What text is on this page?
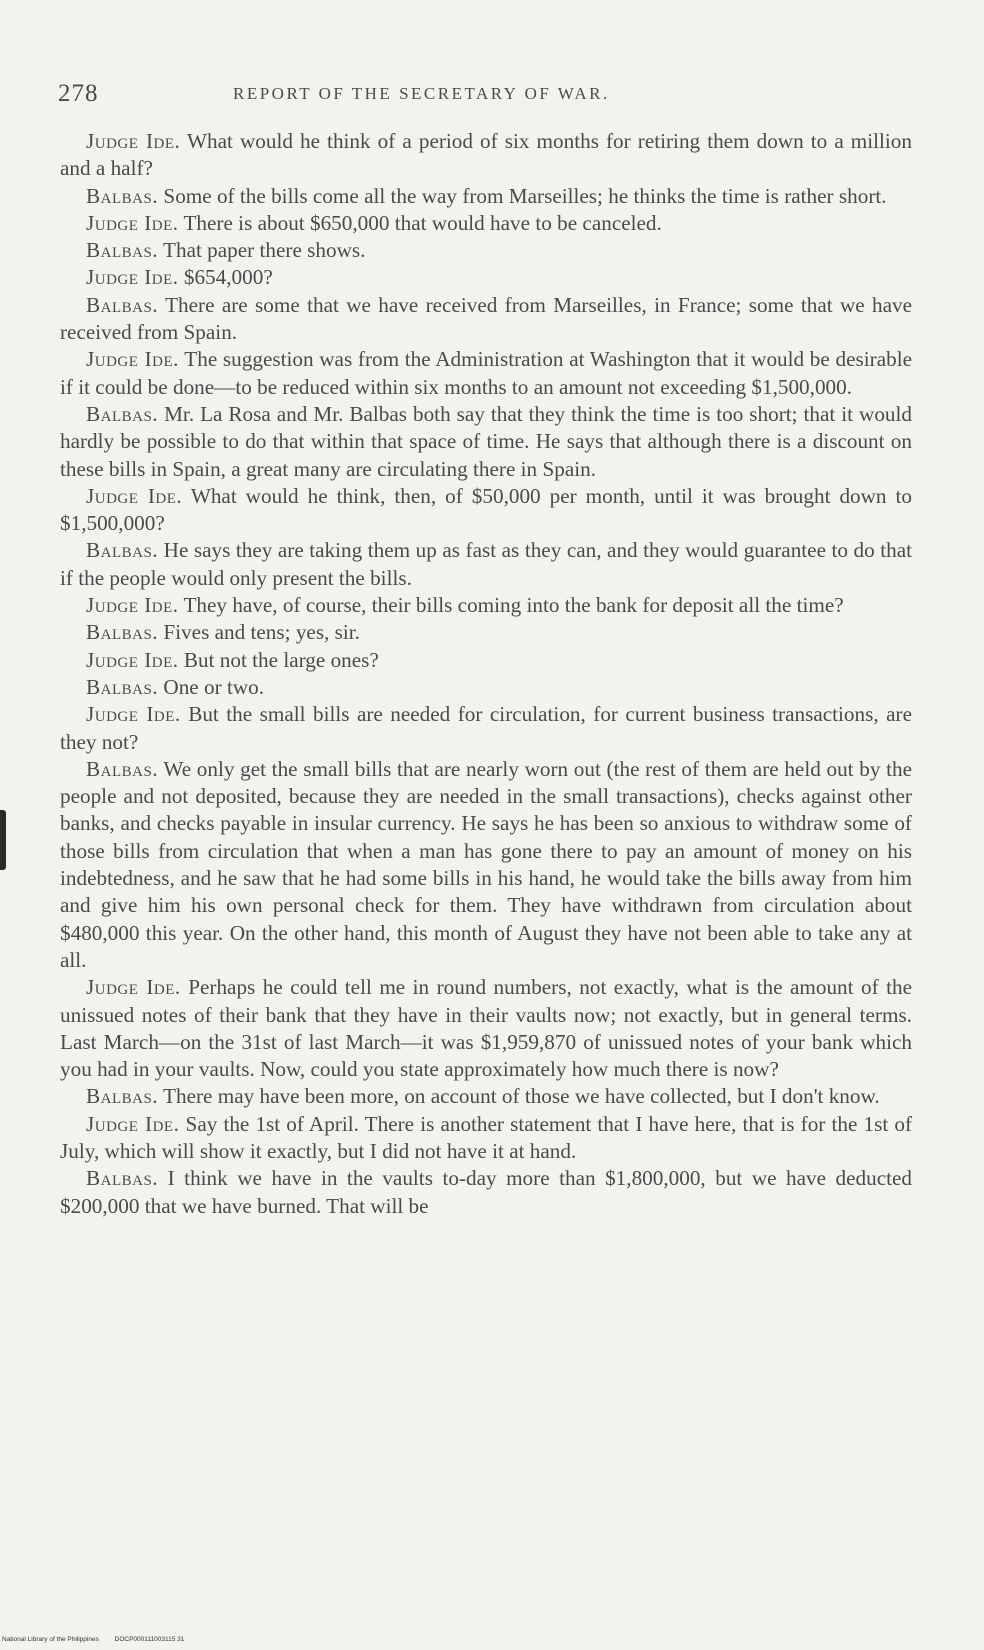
278	REPORT OF THE SECRETARY OF WAR.

Judge Ide. What would he think of a period of six months for retiring them down to a million and a half?

Balbas. Some of the bills come all the way from Marseilles; he thinks the time is rather short.

Judge Ide. There is about $650,000 that would have to be canceled.

Balbas. That paper there shows.

Judge Ide. $654,000?

Balbas. There are some that we have received from Marseilles, in France; some that we have received from Spain.

Judge Ide. The suggestion was from the Administration at Washington that it would be desirable if it could be done—to be reduced within six months to an amount not exceeding $1,500,000.

Balbas. Mr. La Rosa and Mr. Balbas both say that they think the time is too short; that it would hardly be possible to do that within that space of time. He says that although there is a discount on these bills in Spain, a great many are circulating there in Spain.

Judge Ide. What would he think, then, of $50,000 per month, until it was brought down to $1,500,000?

Balbas. He says they are taking them up as fast as they can, and they would guarantee to do that if the people would only present the bills.

Judge Ide. They have, of course, their bills coming into the bank for deposit all the time?

Balbas. Fives and tens; yes, sir.

Judge Ide. But not the large ones?

Balbas. One or two.

Judge Ide. But the small bills are needed for circulation, for current business transactions, are they not?

Balbas. We only get the small bills that are nearly worn out (the rest of them are held out by the people and not deposited, because they are needed in the small transactions), checks against other banks, and checks payable in insular currency. He says he has been so anxious to withdraw some of those bills from circulation that when a man has gone there to pay an amount of money on his indebtedness, and he saw that he had some bills in his hand, he would take the bills away from him and give him his own personal check for them. They have withdrawn from circulation about $480,000 this year. On the other hand, this month of August they have not been able to take any at all.

Judge Ide. Perhaps he could tell me in round numbers, not exactly, what is the amount of the unissued notes of their bank that they have in their vaults now; not exactly, but in general terms. Last March—on the 31st of last March—it was $1,959,870 of unissued notes of your bank which you had in your vaults. Now, could you state approximately how much there is now?

Balbas. There may have been more, on account of those we have collected, but I don't know.

Judge Ide. Say the 1st of April. There is another statement that I have here, that is for the 1st of July, which will show it exactly, but I did not have it at hand.

Balbas. I think we have in the vaults to-day more than $1,800,000, but we have deducted $200,000 that we have burned. That will be

National Library of the Philippines DOCP000111003115 31
